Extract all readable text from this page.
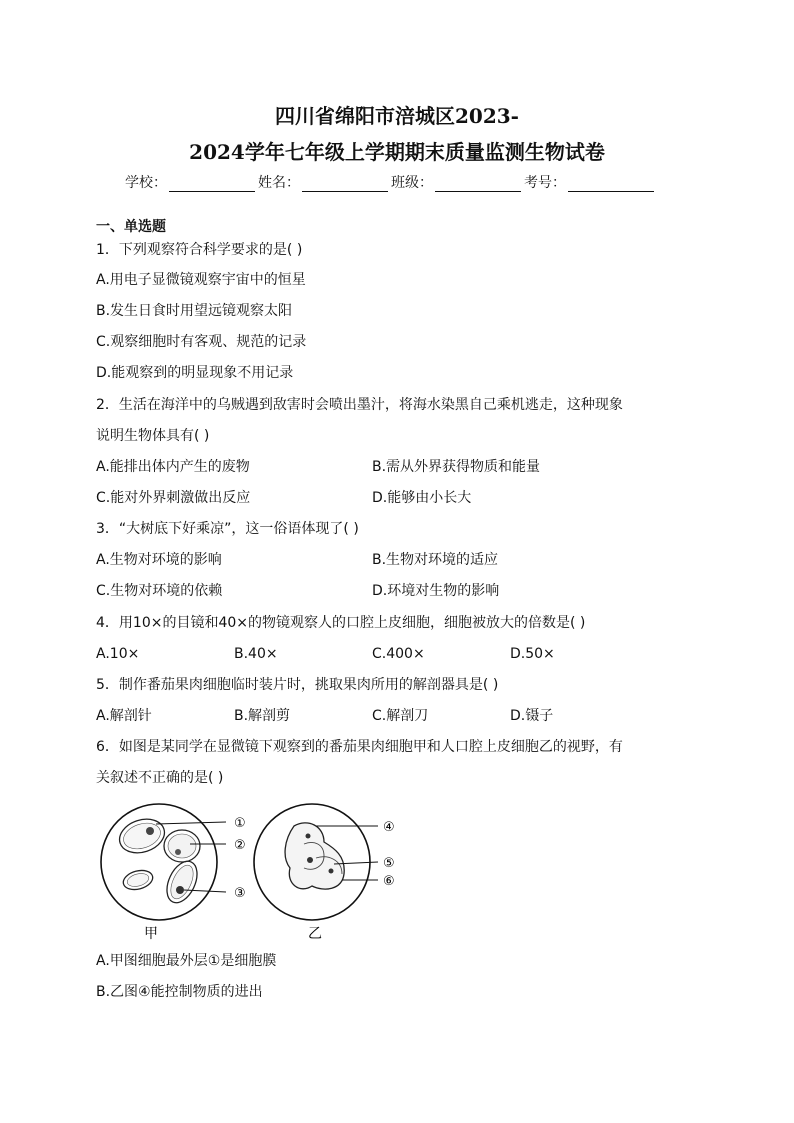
四川省绵阳市涪城区2023-
2024学年七年级上学期期末质量监测生物试卷
学校：	姓名：	班级：	考号：
一、单选题
1．下列观察符合科学要求的是( )
A.用电子显微镜观察宇宙中的恒星
B.发生日食时用望远镜观察太阳
C.观察细胞时有客观、规范的记录
D.能观察到的明显现象不用记录
2．生活在海洋中的乌贼遇到敌害时会喷出墨汁，将海水染黑自己乘机逃走，这种现象
说明生物体具有( )
A.能排出体内产生的废物	B.需从外界获得物质和能量
C.能对外界刺激做出反应	D.能够由小长大
3．“大树底下好乘凉”，这一俗语体现了( )
A.生物对环境的影响	B.生物对环境的适应
C.生物对环境的依赖	D.环境对生物的影响
4．用10×的目镜和40×的物镜观察人的口腔上皮细胞，细胞被放大的倍数是( )
A.10×	B.40×	C.400×	D.50×
5．制作番茄果肉细胞临时装片时，挑取果肉所用的解剖器具是( )
A.解剖针	B.解剖剪	C.解剖刀	D.镊子
6．如图是某同学在显微镜下观察到的番茄果肉细胞甲和人口腔上皮细胞乙的视野，有
关叙述不正确的是( )
①
②
③
④
⑤
⑥
甲	乙
A.甲图细胞最外层①是细胞膜
B.乙图④能控制物质的进出
